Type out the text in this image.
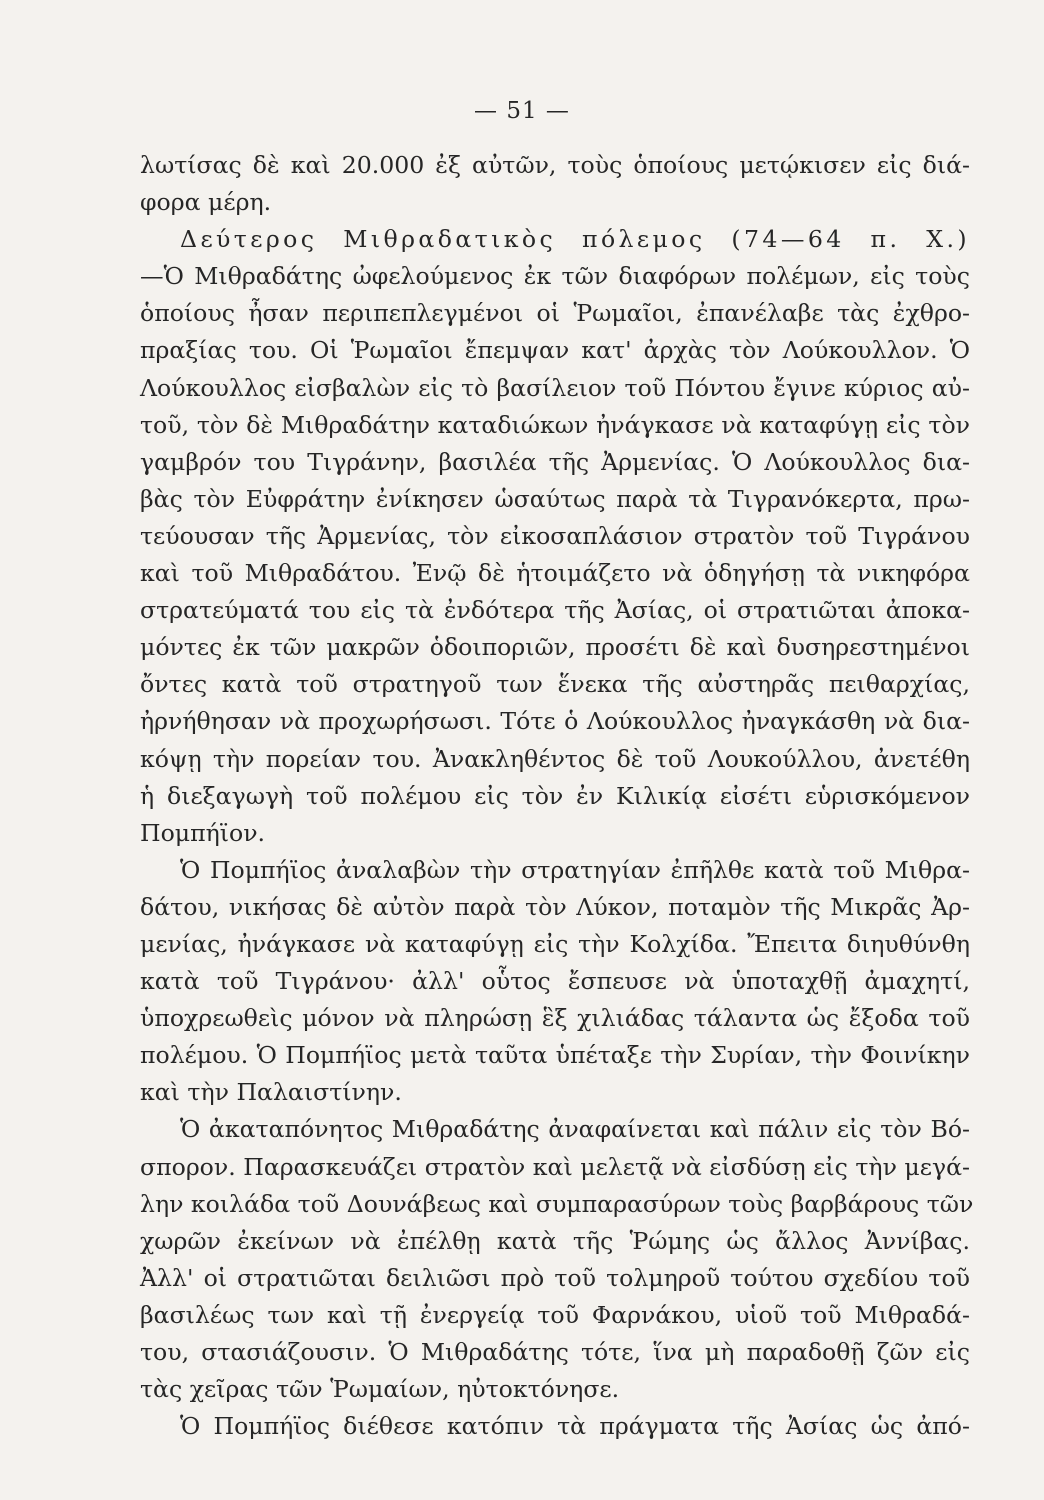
— 51 —
λωτίσας δὲ καὶ 20.000 ἐξ αὐτῶν, τοὺς ὁποίους μετῴκισεν εἰς διά-
φορα μέρη.
Δεύτερος Μιθραδατικὸς πόλεμος (74—64 π. Χ.)
—Ὁ Μιθραδάτης ὠφελούμενος ἐκ τῶν διαφόρων πολέμων, εἰς τοὺς
ὁποίους ἦσαν περιπεπλεγμένοι οἱ Ῥωμαῖοι, ἐπανέλαβε τὰς ἐχθρο-
πραξίας του. Οἱ Ῥωμαῖοι ἔπεμψαν κατ' ἀρχὰς τὸν Λούκουλλον. Ὁ
Λούκουλλος εἰσβαλὼν εἰς τὸ βασίλειον τοῦ Πόντου ἔγινε κύριος αὐ-
τοῦ, τὸν δὲ Μιθραδάτην καταδιώκων ἠνάγκασε νὰ καταφύγῃ εἰς τὸν
γαμβρόν του Τιγράνην, βασιλέα τῆς Ἀρμενίας. Ὁ Λούκουλλος δια-
βὰς τὸν Εὐφράτην ἐνίκησεν ὡσαύτως παρὰ τὰ Τιγρανόκερτα, πρω-
τεύουσαν τῆς Ἀρμενίας, τὸν εἰκοσαπλάσιον στρατὸν τοῦ Τιγράνου
καὶ τοῦ Μιθραδάτου. Ἐνῷ δὲ ἡτοιμάζετο νὰ ὁδηγήσῃ τὰ νικηφόρα
στρατεύματά του εἰς τὰ ἐνδότερα τῆς Ἀσίας, οἱ στρατιῶται ἀποκα-
μόντες ἐκ τῶν μακρῶν ὁδοιποριῶν, προσέτι δὲ καὶ δυσηρεστημένοι
ὄντες κατὰ τοῦ στρατηγοῦ των ἕνεκα τῆς αὐστηρᾶς πειθαρχίας,
ἠρνήθησαν νὰ προχωρήσωσι. Τότε ὁ Λούκουλλος ἠναγκάσθη νὰ δια-
κόψῃ τὴν πορείαν του. Ἀνακληθέντος δὲ τοῦ Λουκούλλου, ἀνετέθη
ἡ διεξαγωγὴ τοῦ πολέμου εἰς τὸν ἐν Κιλικίᾳ εἰσέτι εὑρισκόμενον
Πομπήϊον.
Ὁ Πομπήϊος ἀναλαβὼν τὴν στρατηγίαν ἐπῆλθε κατὰ τοῦ Μιθρα-
δάτου, νικήσας δὲ αὐτὸν παρὰ τὸν Λύκον, ποταμὸν τῆς Μικρᾶς Ἀρ-
μενίας, ἠνάγκασε νὰ καταφύγῃ εἰς τὴν Κολχίδα. Ἔπειτα διηυθύνθη
κατὰ τοῦ Τιγράνου· ἀλλ' οὗτος ἔσπευσε νὰ ὑποταχθῇ ἀμαχητί,
ὑποχρεωθεὶς μόνον νὰ πληρώσῃ ἓξ χιλιάδας τάλαντα ὡς ἔξοδα τοῦ
πολέμου. Ὁ Πομπήϊος μετὰ ταῦτα ὑπέταξε τὴν Συρίαν, τὴν Φοινίκην
καὶ τὴν Παλαιστίνην.
Ὁ ἀκαταπόνητος Μιθραδάτης ἀναφαίνεται καὶ πάλιν εἰς τὸν Βό-
σπορον. Παρασκευάζει στρατὸν καὶ μελετᾷ νὰ εἰσδύσῃ εἰς τὴν μεγά-
λην κοιλάδα τοῦ Δουνάβεως καὶ συμπαρασύρων τοὺς βαρβάρους τῶν
χωρῶν ἐκείνων νὰ ἐπέλθῃ κατὰ τῆς Ῥώμης ὡς ἄλλος Ἀννίβας.
Ἀλλ' οἱ στρατιῶται δειλιῶσι πρὸ τοῦ τολμηροῦ τούτου σχεδίου τοῦ
βασιλέως των καὶ τῇ ἐνεργείᾳ τοῦ Φαρνάκου, υἱοῦ τοῦ Μιθραδά-
του, στασιάζουσιν. Ὁ Μιθραδάτης τότε, ἵνα μὴ παραδοθῇ ζῶν εἰς
τὰς χεῖρας τῶν Ῥωμαίων, ηὐτοκτόνησε.
Ὁ Πομπήϊος διέθεσε κατόπιν τὰ πράγματα τῆς Ἀσίας ὡς ἀπό-
